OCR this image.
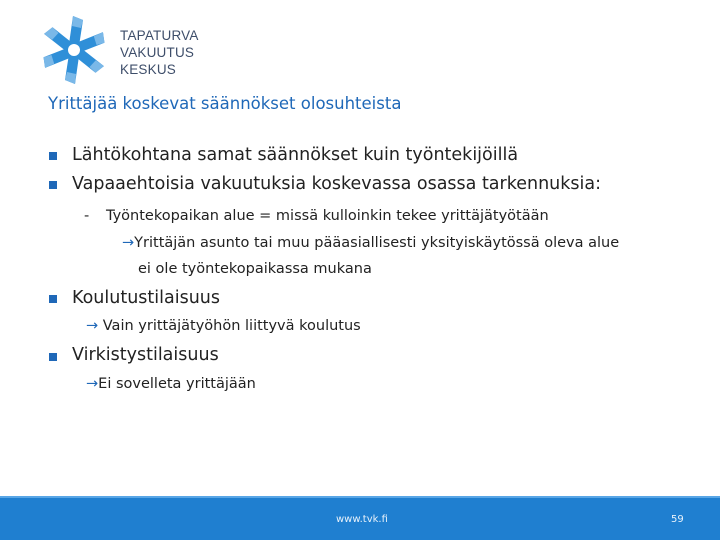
TAPATURVA
VAKUUTUS
KESKUS
Yrittäjää koskevat säännökset olosuhteista
Lähtökohtana samat säännökset kuin työntekijöillä
Vapaaehtoisia vakuutuksia koskevassa osassa tarkennuksia:
- Työntekopaikan alue = missä kulloinkin tekee yrittäjätyötään
→Yrittäjän asunto tai muu pääasiallisesti yksityiskäytössä oleva alue
ei ole työntekopaikassa mukana
Koulutustilaisuus
→ Vain yrittäjätyöhön liittyvä koulutus
Virkistystilaisuus
→Ei sovelleta yrittäjään
www.tvk.fi	59
